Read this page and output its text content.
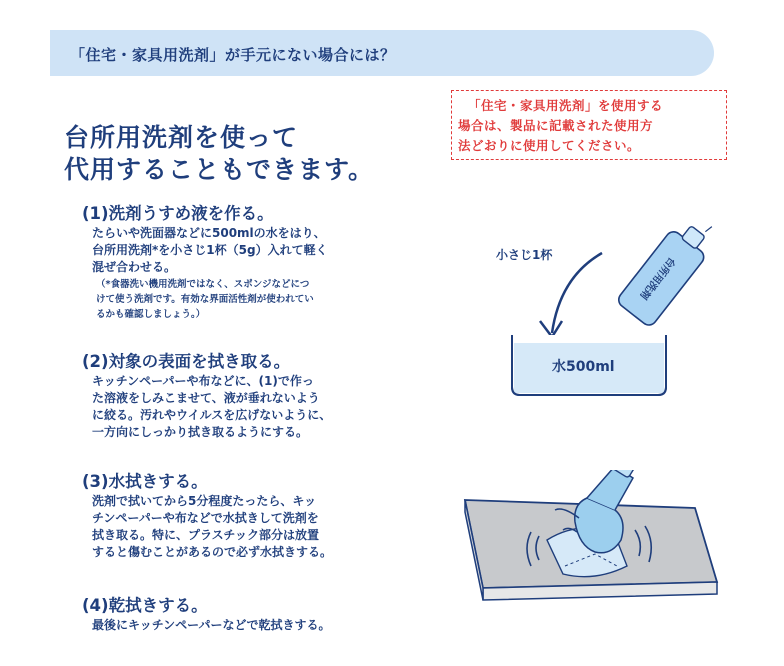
「住宅・家具用洗剤」が手元にない場合には？
台所用洗剤を使って
代用することもできます。
「住宅・家具用洗剤」を使用する
場合は、製品に記載された使用方
法どおりに使用してください。
(1)洗剤うすめ液を作る。
たらいや洗面器などに500mlの水をはり、
台所用洗剤*を小さじ1杯（5g）入れて軽く
混ぜ合わせる。
（*食器洗い機用洗剤ではなく、スポンジなどにつ
けて使う洗剤です。有効な界面活性剤が使われてい
るかも確認しましょう。）
(2)対象の表面を拭き取る。
キッチンペーパーや布などに、(1)で作っ
た溶液をしみこませて、液が垂れないよう
に絞る。汚れやウイルスを広げないように、
一方向にしっかり拭き取るようにする。
(3)水拭きする。
洗剤で拭いてから5分程度たったら、キッ
チンペーパーや布などで水拭きして洗剤を
拭き取る。特に、プラスチック部分は放置
すると傷むことがあるので必ず水拭きする。
(4)乾拭きする。
最後にキッチンペーパーなどで乾拭きする。
台所用洗剤
小さじ1杯
水500ml
